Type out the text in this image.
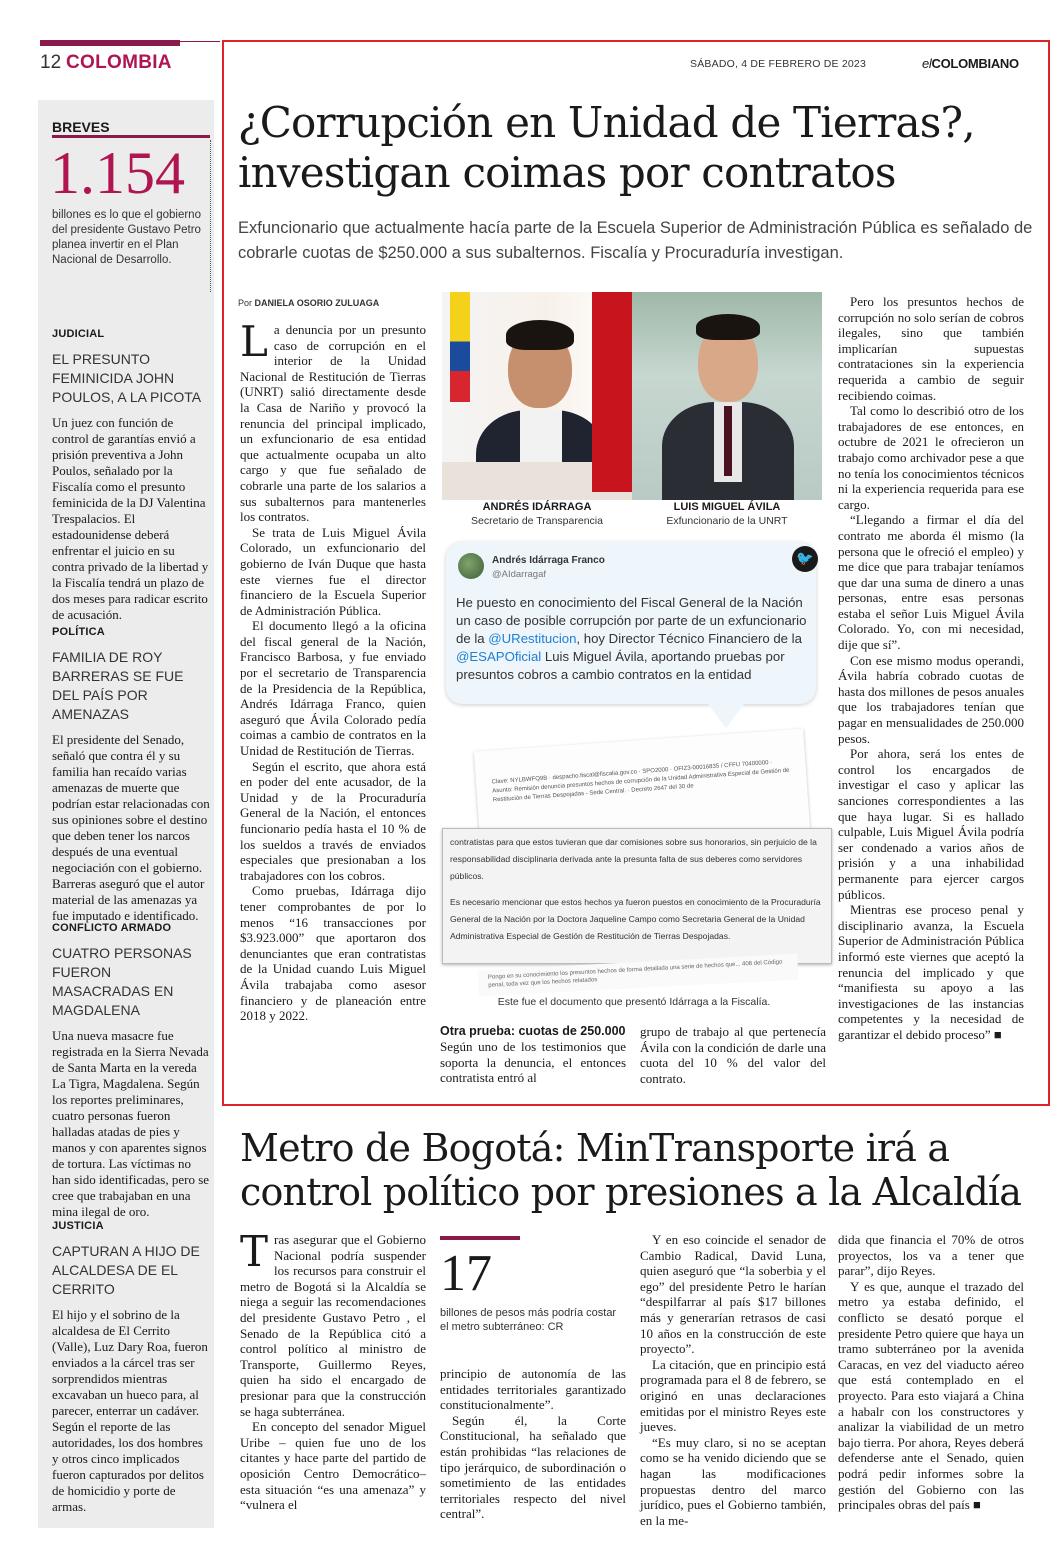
12 COLOMBIA
BREVES
1.154
billones es lo que el gobierno del presidente Gustavo Petro planea invertir en el Plan Nacional de Desarrollo.
JUDICIAL
EL PRESUNTO FEMINICIDA JOHN POULOS, A LA PICOTA
Un juez con función de control de garantías envió a prisión preventiva a John Poulos, señalado por la Fiscalía como el presunto feminicida de la DJ Valentina Trespalacios. El estadounidense deberá enfrentar el juicio en su contra privado de la libertad y la Fiscalía tendrá un plazo de dos meses para radicar escrito de acusación.
POLÍTICA
FAMILIA DE ROY BARRERAS SE FUE DEL PAÍS POR AMENAZAS
El presidente del Senado, señaló que contra él y su familia han recaído varias amenazas de muerte que podrían estar relacionadas con sus opiniones sobre el destino que deben tener los narcos después de una eventual negociación con el gobierno. Barreras aseguró que el autor material de las amenazas ya fue imputado e identificado.
CONFLICTO ARMADO
CUATRO PERSONAS FUERON MASACRADAS EN MAGDALENA
Una nueva masacre fue registrada en la Sierra Nevada de Santa Marta en la vereda La Tigra, Magdalena. Según los reportes preliminares, cuatro personas fueron halladas atadas de pies y manos y con aparentes signos de tortura. Las víctimas no han sido identificadas, pero se cree que trabajaban en una mina ilegal de oro.
JUSTICIA
CAPTURAN A HIJO DE ALCALDESA DE EL CERRITO
El hijo y el sobrino de la alcaldesa de El Cerrito (Valle), Luz Dary Roa, fueron enviados a la cárcel tras ser sorprendidos mientras excavaban un hueco para, al parecer, enterrar un cadáver. Según el reporte de las autoridades, los dos hombres y otros cinco implicados fueron capturados por delitos de homicidio y porte de armas.
SÁBADO, 4 DE FEBRERO DE 2023	elCOLOMBIANO
¿Corrupción en Unidad de Tierras?, investigan coimas por contratos
Exfuncionario que actualmente hacía parte de la Escuela Superior de Administración Pública es señalado de cobrarle cuotas de $250.000 a sus subalternos. Fiscalía y Procuraduría investigan.
Por DANIELA OSORIO ZULUAGA

La denuncia por un presunto caso de corrupción en el interior de la Unidad Nacional de Restitución de Tierras (UNRT) salió directamente desde la Casa de Nariño y provocó la renuncia del principal implicado, un exfuncionario de esa entidad que actualmente ocupaba un alto cargo y que fue señalado de cobrarle una parte de los salarios a sus subalternos para mantenerles los contratos.

Se trata de Luis Miguel Ávila Colorado, un exfuncionario del gobierno de Iván Duque que hasta este viernes fue el director financiero de la Escuela Superior de Administración Pública.

El documento llegó a la oficina del fiscal general de la Nación, Francisco Barbosa, y fue enviado por el secretario de Transparencia de la Presidencia de la República, Andrés Idárraga Franco, quien aseguró que Ávila Colorado pedía coimas a cambio de contratos en la Unidad de Restitución de Tierras.

Según el escrito, que ahora está en poder del ente acusador, de la Unidad y de la Procuraduría General de la Nación, el entonces funcionario pedía hasta el 10 % de los sueldos a través de enviados especiales que presionaban a los trabajadores con los cobros.

Como pruebas, Idárraga dijo tener comprobantes de por lo menos “16 transacciones por $3.923.000” que aportaron dos denunciantes que eran contratistas de la Unidad cuando Luis Miguel Ávila trabajaba como asesor financiero y de planeación entre 2018 y 2022.

ANDRÉS IDÁRRAGA
Secretario de Transparencia
LUIS MIGUEL ÁVILA
Exfuncionario de la UNRT
Andrés Idárraga Franco
@AIdarragaf
🐦
He puesto en conocimiento del Fiscal General de la Nación un caso de posible corrupción por parte de un exfuncionario de la @URestitucion, hoy Director Técnico Financiero de la @ESAPOficial Luis Miguel Ávila, aportando pruebas por presuntos cobros a cambio contratos en la entidad
Clave: NYLBWFQ9B · despacho.fiscal@fiscalia.gov.co · SPO2000 · OFIZ3-00016835 / CFFU 70400000 · Asunto: Remisión denuncia presuntos hechos de corrupción de la Unidad Administrativa Especial de Gestión de Restitución de Tierras Despojadas - Sede Central. · Decreto 2647 del 30 de
contratistas para que estos tuvieran que dar comisiones sobre sus honorarios, sin perjuicio de la responsabilidad disciplinaria derivada ante la presunta falta de sus deberes como servidores públicos.
Es necesario mencionar que estos hechos ya fueron puestos en conocimiento de la Procuraduría General de la Nación por la Doctora Jaqueline Campo como Secretaria General de la Unidad Administrativa Especial de Gestión de Restitución de Tierras Despojadas.
Pongo en su conocimiento los presuntos hechos de forma detallada una serie de hechos que... 408 del Código penal, toda vez que los hechos relatados
Este fue el documento que presentó Idárraga a la Fiscalía.
Otra prueba: cuotas de 250.000

Según uno de los testimonios que soporta la denuncia, el entonces contratista entró al

grupo de trabajo al que pertenecía Ávila con la condición de darle una cuota del 10 % del valor del contrato.

Pero los presuntos hechos de corrupción no solo serían de cobros ilegales, sino que también implicarían supuestas contrataciones sin la experiencia requerida a cambio de seguir recibiendo coimas.

Tal como lo describió otro de los trabajadores de ese entonces, en octubre de 2021 le ofrecieron un trabajo como archivador pese a que no tenía los conocimientos técnicos ni la experiencia requerida para ese cargo.

“Llegando a firmar el día del contrato me aborda él mismo (la persona que le ofreció el empleo) y me dice que para trabajar teníamos que dar una suma de dinero a unas personas, entre esas personas estaba el señor Luis Miguel Ávila Colorado. Yo, con mi necesidad, dije que sí”.

Con ese mismo modus operandi, Ávila habría cobrado cuotas de hasta dos millones de pesos anuales que los trabajadores tenían que pagar en mensualidades de 250.000 pesos.

Por ahora, será los entes de control los encargados de investigar el caso y aplicar las sanciones correspondientes a las que haya lugar. Si es hallado culpable, Luis Miguel Ávila podría ser condenado a varios años de prisión y a una inhabilidad permanente para ejercer cargos públicos.

Mientras ese proceso penal y disciplinario avanza, la Escuela Superior de Administración Pública informó este viernes que aceptó la renuncia del implicado y que “manifiesta su apoyo a las investigaciones de las instancias competentes y la necesidad de garantizar el debido proceso” ■

Metro de Bogotá: MinTransporte irá a control político por presiones a la Alcaldía

Tras asegurar que el Gobierno Nacional podría suspender los recursos para construir el metro de Bogotá si la Alcaldía se niega a seguir las recomendaciones del presidente Gustavo Petro , el Senado de la República citó a control político al ministro de Transporte, Guillermo Reyes, quien ha sido el encargado de presionar para que la construcción se haga subterránea.

En concepto del senador Miguel Uribe – quien fue uno de los citantes y hace parte del partido de oposición Centro Democrático– esta situación “es una amenaza” y “vulnera el

17
billones de pesos más podría costar el metro subterráneo: CR

principio de autonomía de las entidades territoriales garantizado constitucionalmente”.

Según él, la Corte Constitucional, ha señalado que están prohibidas “las relaciones de tipo jerárquico, de subordinación o sometimiento de las entidades territoriales respecto del nivel central”.

Y en eso coincide el senador de Cambio Radical, David Luna, quien aseguró que “la soberbia y el ego” del presidente Petro le harían “despilfarrar al país $17 billones más y generarían retrasos de casi 10 años en la construcción de este proyecto”.

La citación, que en principio está programada para el 8 de febrero, se originó en unas declaraciones emitidas por el ministro Reyes este jueves.

“Es muy claro, si no se aceptan como se ha venido diciendo que se hagan las modificaciones propuestas dentro del marco jurídico, pues el Gobierno también, en la me-

dida que financia el 70% de otros proyectos, los va a tener que parar”, dijo Reyes.

Y es que, aunque el trazado del metro ya estaba definido, el conflicto se desató porque el presidente Petro quiere que haya un tramo subterráneo por la avenida Caracas, en vez del viaducto aéreo que está contemplado en el proyecto. Para esto viajará a China a habalr con los constructores y analizar la viabilidad de un metro bajo tierra. Por ahora, Reyes deberá defenderse ante el Senado, quien podrá pedir informes sobre la gestión del Gobierno con las principales obras del país ■
